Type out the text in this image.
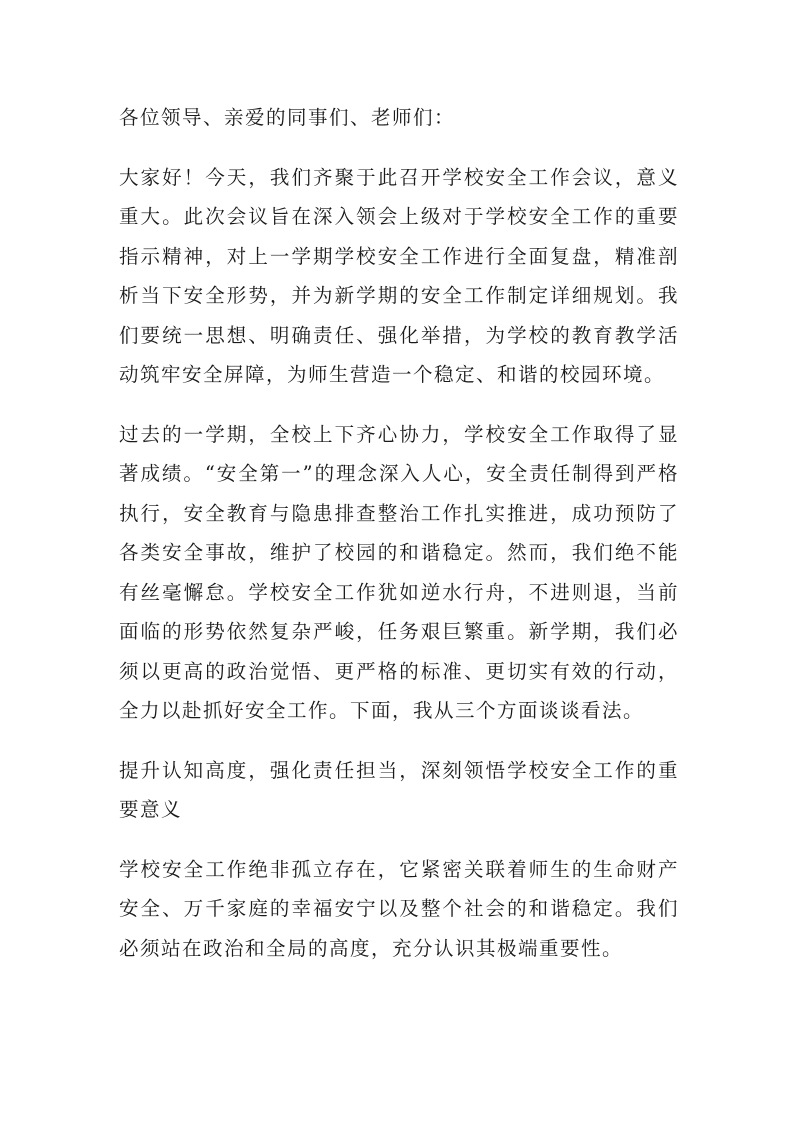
各位领导、亲爱的同事们、老师们：

大家好！今天，我们齐聚于此召开学校安全工作会议，意义重大。此次会议旨在深入领会上级对于学校安全工作的重要指示精神，对上一学期学校安全工作进行全面复盘，精准剖析当下安全形势，并为新学期的安全工作制定详细规划。我们要统一思想、明确责任、强化举措，为学校的教育教学活动筑牢安全屏障，为师生营造一个稳定、和谐的校园环境。

过去的一学期，全校上下齐心协力，学校安全工作取得了显著成绩。“安全第一”的理念深入人心，安全责任制得到严格执行，安全教育与隐患排查整治工作扎实推进，成功预防了各类安全事故，维护了校园的和谐稳定。然而，我们绝不能有丝毫懈怠。学校安全工作犹如逆水行舟，不进则退，当前面临的形势依然复杂严峻，任务艰巨繁重。新学期，我们必须以更高的政治觉悟、更严格的标准、更切实有效的行动，全力以赴抓好安全工作。下面，我从三个方面谈谈看法。

提升认知高度，强化责任担当，深刻领悟学校安全工作的重要意义

学校安全工作绝非孤立存在，它紧密关联着师生的生命财产安全、万千家庭的幸福安宁以及整个社会的和谐稳定。我们必须站在政治和全局的高度，充分认识其极端重要性。
